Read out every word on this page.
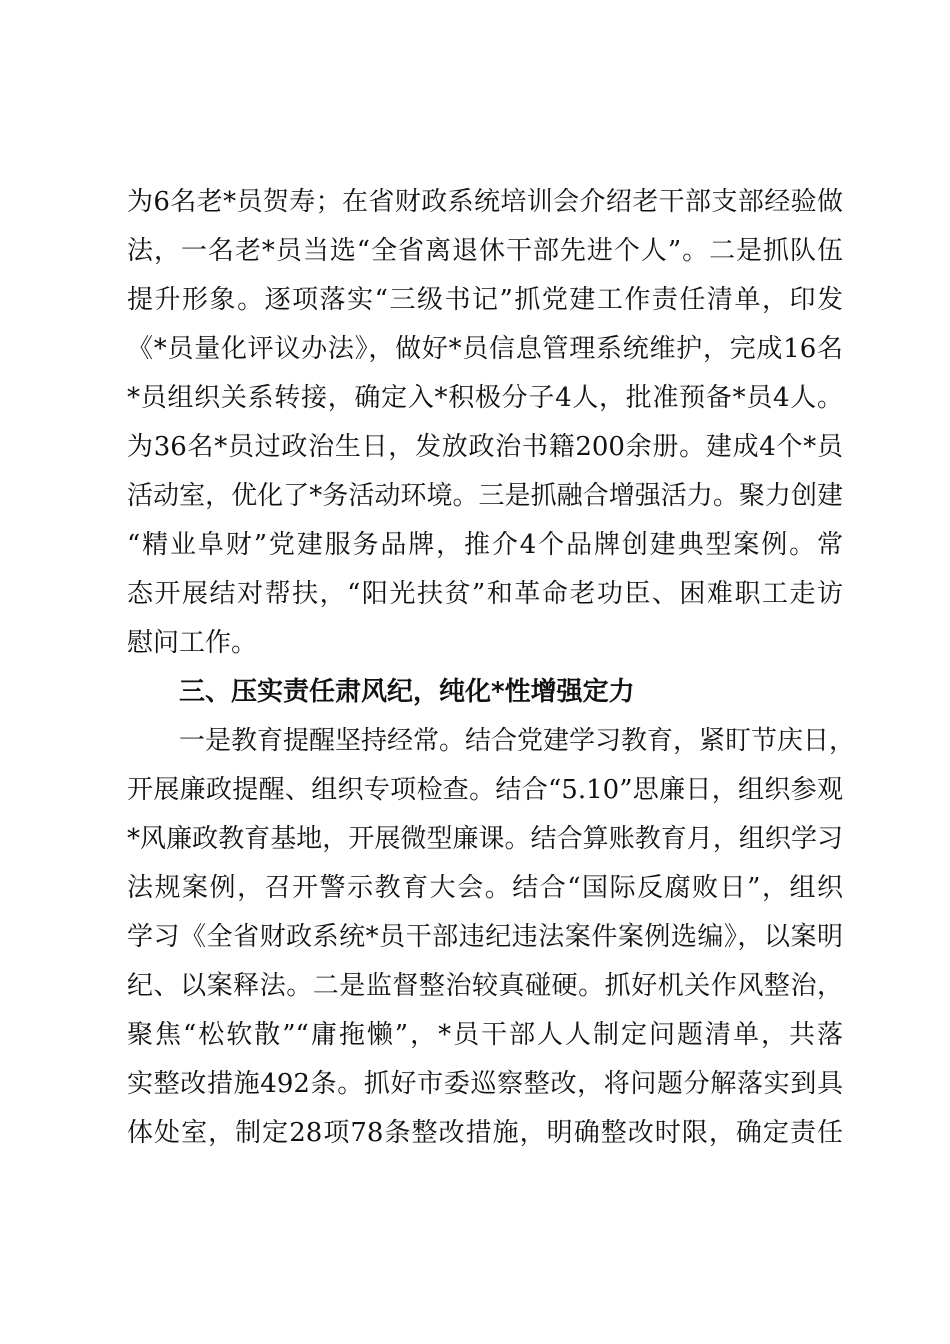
为6名老*员贺寿；在省财政系统培训会介绍老干部支部经验做
法，一名老*员当选“全省离退休干部先进个人”。二是抓队伍
提升形象。逐项落实“三级书记”抓党建工作责任清单，印发
《*员量化评议办法》，做好*员信息管理系统维护，完成16名
*员组织关系转接，确定入*积极分子4人，批准预备*员4人。
为36名*员过政治生日，发放政治书籍200余册。建成4个*员
活动室，优化了*务活动环境。三是抓融合增强活力。聚力创建
“精业阜财”党建服务品牌，推介4个品牌创建典型案例。常
态开展结对帮扶，“阳光扶贫”和革命老功臣、困难职工走访
慰问工作。
三、压实责任肃风纪，纯化*性增强定力
一是教育提醒坚持经常。结合党建学习教育，紧盯节庆日，
开展廉政提醒、组织专项检查。结合“5.10”思廉日，组织参观
*风廉政教育基地，开展微型廉课。结合算账教育月，组织学习
法规案例，召开警示教育大会。结合“国际反腐败日”，组织
学习《全省财政系统*员干部违纪违法案件案例选编》，以案明
纪、以案释法。二是监督整治较真碰硬。抓好机关作风整治，
聚焦“松软散”“庸拖懒”，*员干部人人制定问题清单，共落
实整改措施492条。抓好市委巡察整改，将问题分解落实到具
体处室，制定28项78条整改措施，明确整改时限，确定责任
